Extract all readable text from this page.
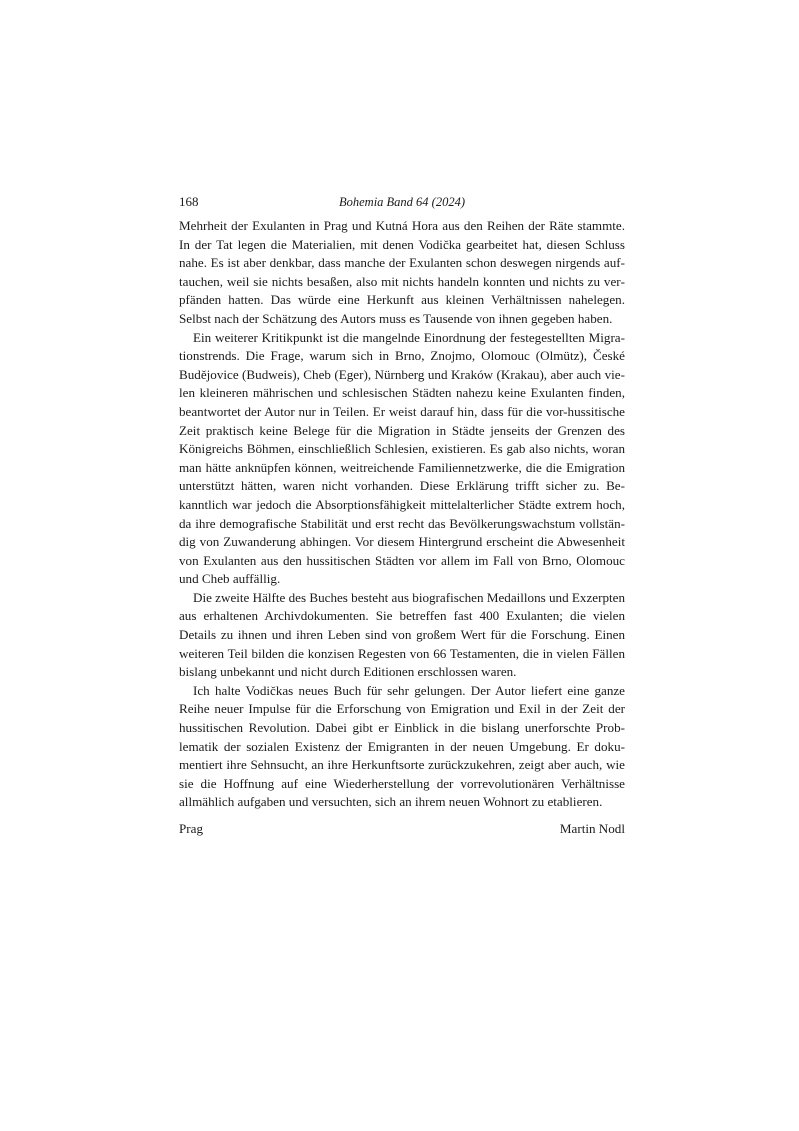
168	Bohemia Band 64 (2024)

Mehrheit der Exulanten in Prag und Kutná Hora aus den Reihen der Räte stammte. In der Tat legen die Materialien, mit denen Vodička gearbeitet hat, diesen Schluss nahe. Es ist aber denkbar, dass manche der Exulanten schon deswegen nirgends auftauchen, weil sie nichts besaßen, also mit nichts handeln konnten und nichts zu verpfänden hatten. Das würde eine Herkunft aus kleinen Verhältnissen nahelegen. Selbst nach der Schätzung des Autors muss es Tausende von ihnen gegeben haben.

Ein weiterer Kritikpunkt ist die mangelnde Einordnung der festegestellten Migrationstrends. Die Frage, warum sich in Brno, Znojmo, Olomouc (Olmütz), České Budějovice (Budweis), Cheb (Eger), Nürnberg und Kraków (Krakau), aber auch vielen kleineren mährischen und schlesischen Städten nahezu keine Exulanten finden, beantwortet der Autor nur in Teilen. Er weist darauf hin, dass für die vor-hussitische Zeit praktisch keine Belege für die Migration in Städte jenseits der Grenzen des Königreichs Böhmen, einschließlich Schlesien, existieren. Es gab also nichts, woran man hätte anknüpfen können, weitreichende Familiennetzwerke, die die Emigration unterstützt hätten, waren nicht vorhanden. Diese Erklärung trifft sicher zu. Bekanntlich war jedoch die Absorptionsfähigkeit mittelalterlicher Städte extrem hoch, da ihre demografische Stabilität und erst recht das Bevölkerungswachstum vollständig von Zuwanderung abhingen. Vor diesem Hintergrund erscheint die Abwesenheit von Exulanten aus den hussitischen Städten vor allem im Fall von Brno, Olomouc und Cheb auffällig.

Die zweite Hälfte des Buches besteht aus biografischen Medaillons und Exzerpten aus erhaltenen Archivdokumenten. Sie betreffen fast 400 Exulanten; die vielen Details zu ihnen und ihren Leben sind von großem Wert für die Forschung. Einen weiteren Teil bilden die konzisen Regesten von 66 Testamenten, die in vielen Fällen bislang unbekannt und nicht durch Editionen erschlossen waren.

Ich halte Vodičkas neues Buch für sehr gelungen. Der Autor liefert eine ganze Reihe neuer Impulse für die Erforschung von Emigration und Exil in der Zeit der hussitischen Revolution. Dabei gibt er Einblick in die bislang unerforschte Problematik der sozialen Existenz der Emigranten in der neuen Umgebung. Er dokumentiert ihre Sehnsucht, an ihre Herkunftsorte zurückzukehren, zeigt aber auch, wie sie die Hoffnung auf eine Wiederherstellung der vorrevolutionären Verhältnisse allmählich aufgaben und versuchten, sich an ihrem neuen Wohnort zu etablieren.

Prag	Martin Nodl
